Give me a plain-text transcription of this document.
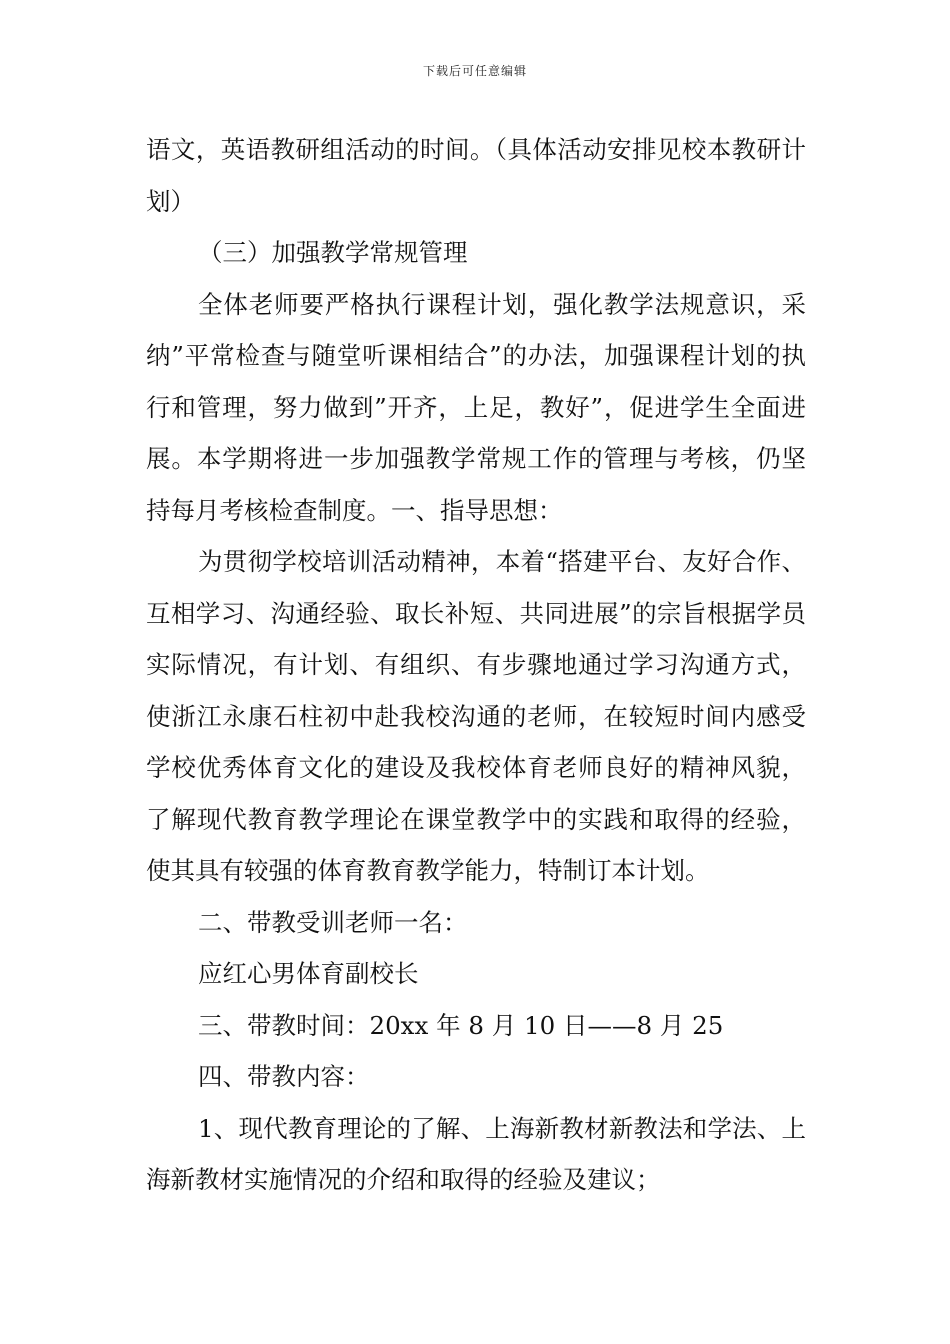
下载后可任意编辑

语文，英语教研组活动的时间。（具体活动安排见校本教研计划）

（三）加强教学常规管理

全体老师要严格执行课程计划，强化教学法规意识，采纳”平常检查与随堂听课相结合”的办法，加强课程计划的执行和管理，努力做到”开齐，上足，教好”，促进学生全面进展。本学期将进一步加强教学常规工作的管理与考核，仍坚持每月考核检查制度。一、指导思想：

为贯彻学校培训活动精神，本着“搭建平台、友好合作、互相学习、沟通经验、取长补短、共同进展”的宗旨根据学员实际情况，有计划、有组织、有步骤地通过学习沟通方式，使浙江永康石柱初中赴我校沟通的老师，在较短时间内感受学校优秀体育文化的建设及我校体育老师良好的精神风貌，了解现代教育教学理论在课堂教学中的实践和取得的经验，使其具有较强的体育教育教学能力，特制订本计划。

二、带教受训老师一名：

应红心男体育副校长

三、带教时间：20xx 年 8 月 10 日——8 月 25

四、带教内容：

1、现代教育理论的了解、上海新教材新教法和学法、上海新教材实施情况的介绍和取得的经验及建议；
